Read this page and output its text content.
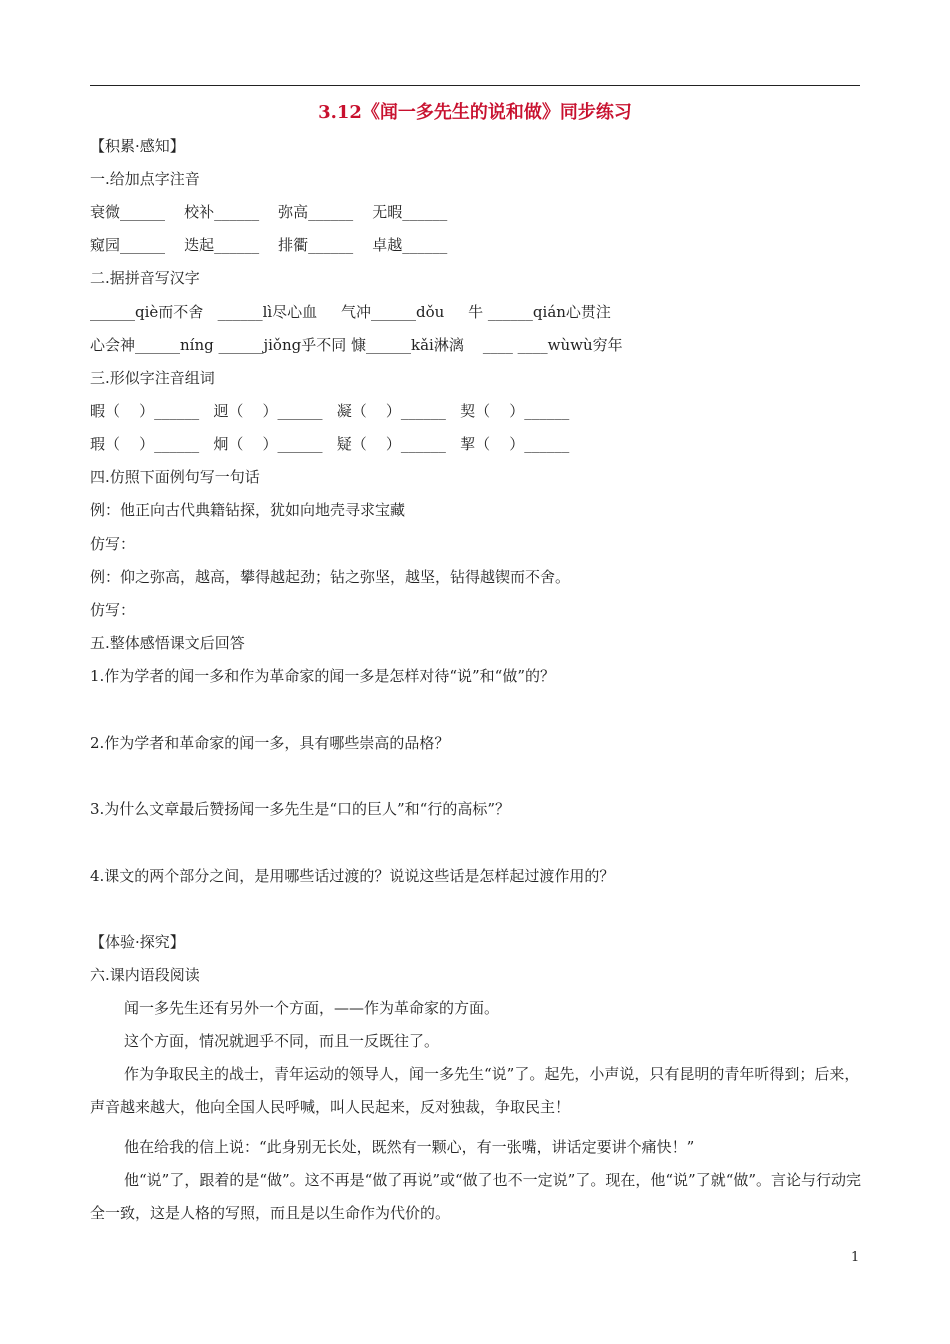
3.12《闻一多先生的说和做》同步练习
【积累·感知】
一.给加点字注音
衰微______    校补______    弥高______    无暇______
窥园______    迭起______    排衢______    卓越______
二.据拼音写汉字
______qiè而不舍   ______lì尽心血     气冲______dǒu     牛 ______qián心贯注
心会神______níng ______jiǒng乎不同 慷______kǎi淋漓    ____ ____wùwù穷年
三.形似字注音组词
暇（    ）______   迥（    ）______   凝（    ）______   契（    ）______
瑕（    ）______   炯（    ）______   疑（    ）______   挈（    ）______
四.仿照下面例句写一句话
例：他正向古代典籍钻探，犹如向地壳寻求宝藏
仿写：
例：仰之弥高，越高，攀得越起劲；钻之弥坚，越坚，钻得越锲而不舍。
仿写：
五.整体感悟课文后回答
1.作为学者的闻一多和作为革命家的闻一多是怎样对待“说”和“做”的？
2.作为学者和革命家的闻一多，具有哪些崇高的品格？
3.为什么文章最后赞扬闻一多先生是“口的巨人”和“行的高标”？
4.课文的两个部分之间，是用哪些话过渡的？说说这些话是怎样起过渡作用的？
【体验·探究】
六.课内语段阅读
闻一多先生还有另外一个方面，——作为革命家的方面。
这个方面，情况就迥乎不同，而且一反既往了。
作为争取民主的战士，青年运动的领导人，闻一多先生“说”了。起先，小声说，只有昆明的青年听得到；后来，声音越来越大，他向全国人民呼喊，叫人民起来，反对独裁，争取民主！
他在给我的信上说：“此身别无长处，既然有一颗心，有一张嘴，讲话定要讲个痛快！”
他“说”了，跟着的是“做”。这不再是“做了再说”或“做了也不一定说”了。现在，他“说”了就“做”。言论与行动完全一致，这是人格的写照，而且是以生命作为代价的。
1
